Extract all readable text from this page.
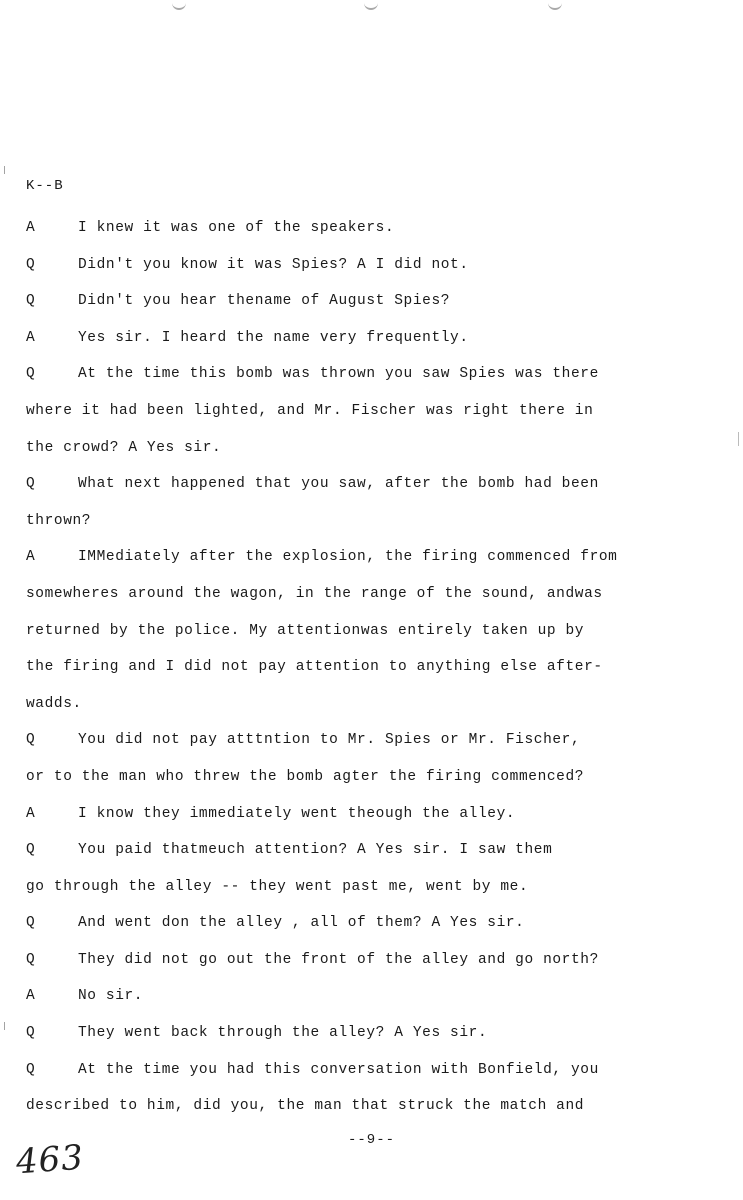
K--B
A	I knew it was one of the speakers.
Q	Didn't you know it was Spies? A I did not.
Q	Didn't you hear thename of August Spies?
A	Yes sir. I heard the name very frequently.
Q	At the time this bomb was thrown you saw Spies was there
where it had been lighted, and Mr. Fischer was right there in
the crowd? A Yes sir.
Q	What next happened that you saw, after the bomb had been
thrown?
A	IMMediately after the explosion, the firing commenced from
somewheres around the wagon, in the range of the sound, andwas
returned by the police. My attentionwas entirely taken up by
the firing and I did not pay attention to anything else after-
wadds.
Q	You did not pay atttntion to Mr. Spies or Mr. Fischer,
or to the man who threw the bomb agter the firing commenced?
A	I know they immediately went theough the alley.
Q	You paid thatmeuch attention? A Yes sir. I saw them
go through the alley -- they went past me, went by me.
Q	And went don the alley , all of them? A Yes sir.
Q	They did not go out the front of the alley and go north?
A	No sir.
Q	They went back through the alley? A Yes sir.
Q	At the time you had this conversation with Bonfield, you
described to him, did you, the man that struck the match and
--9--
463
